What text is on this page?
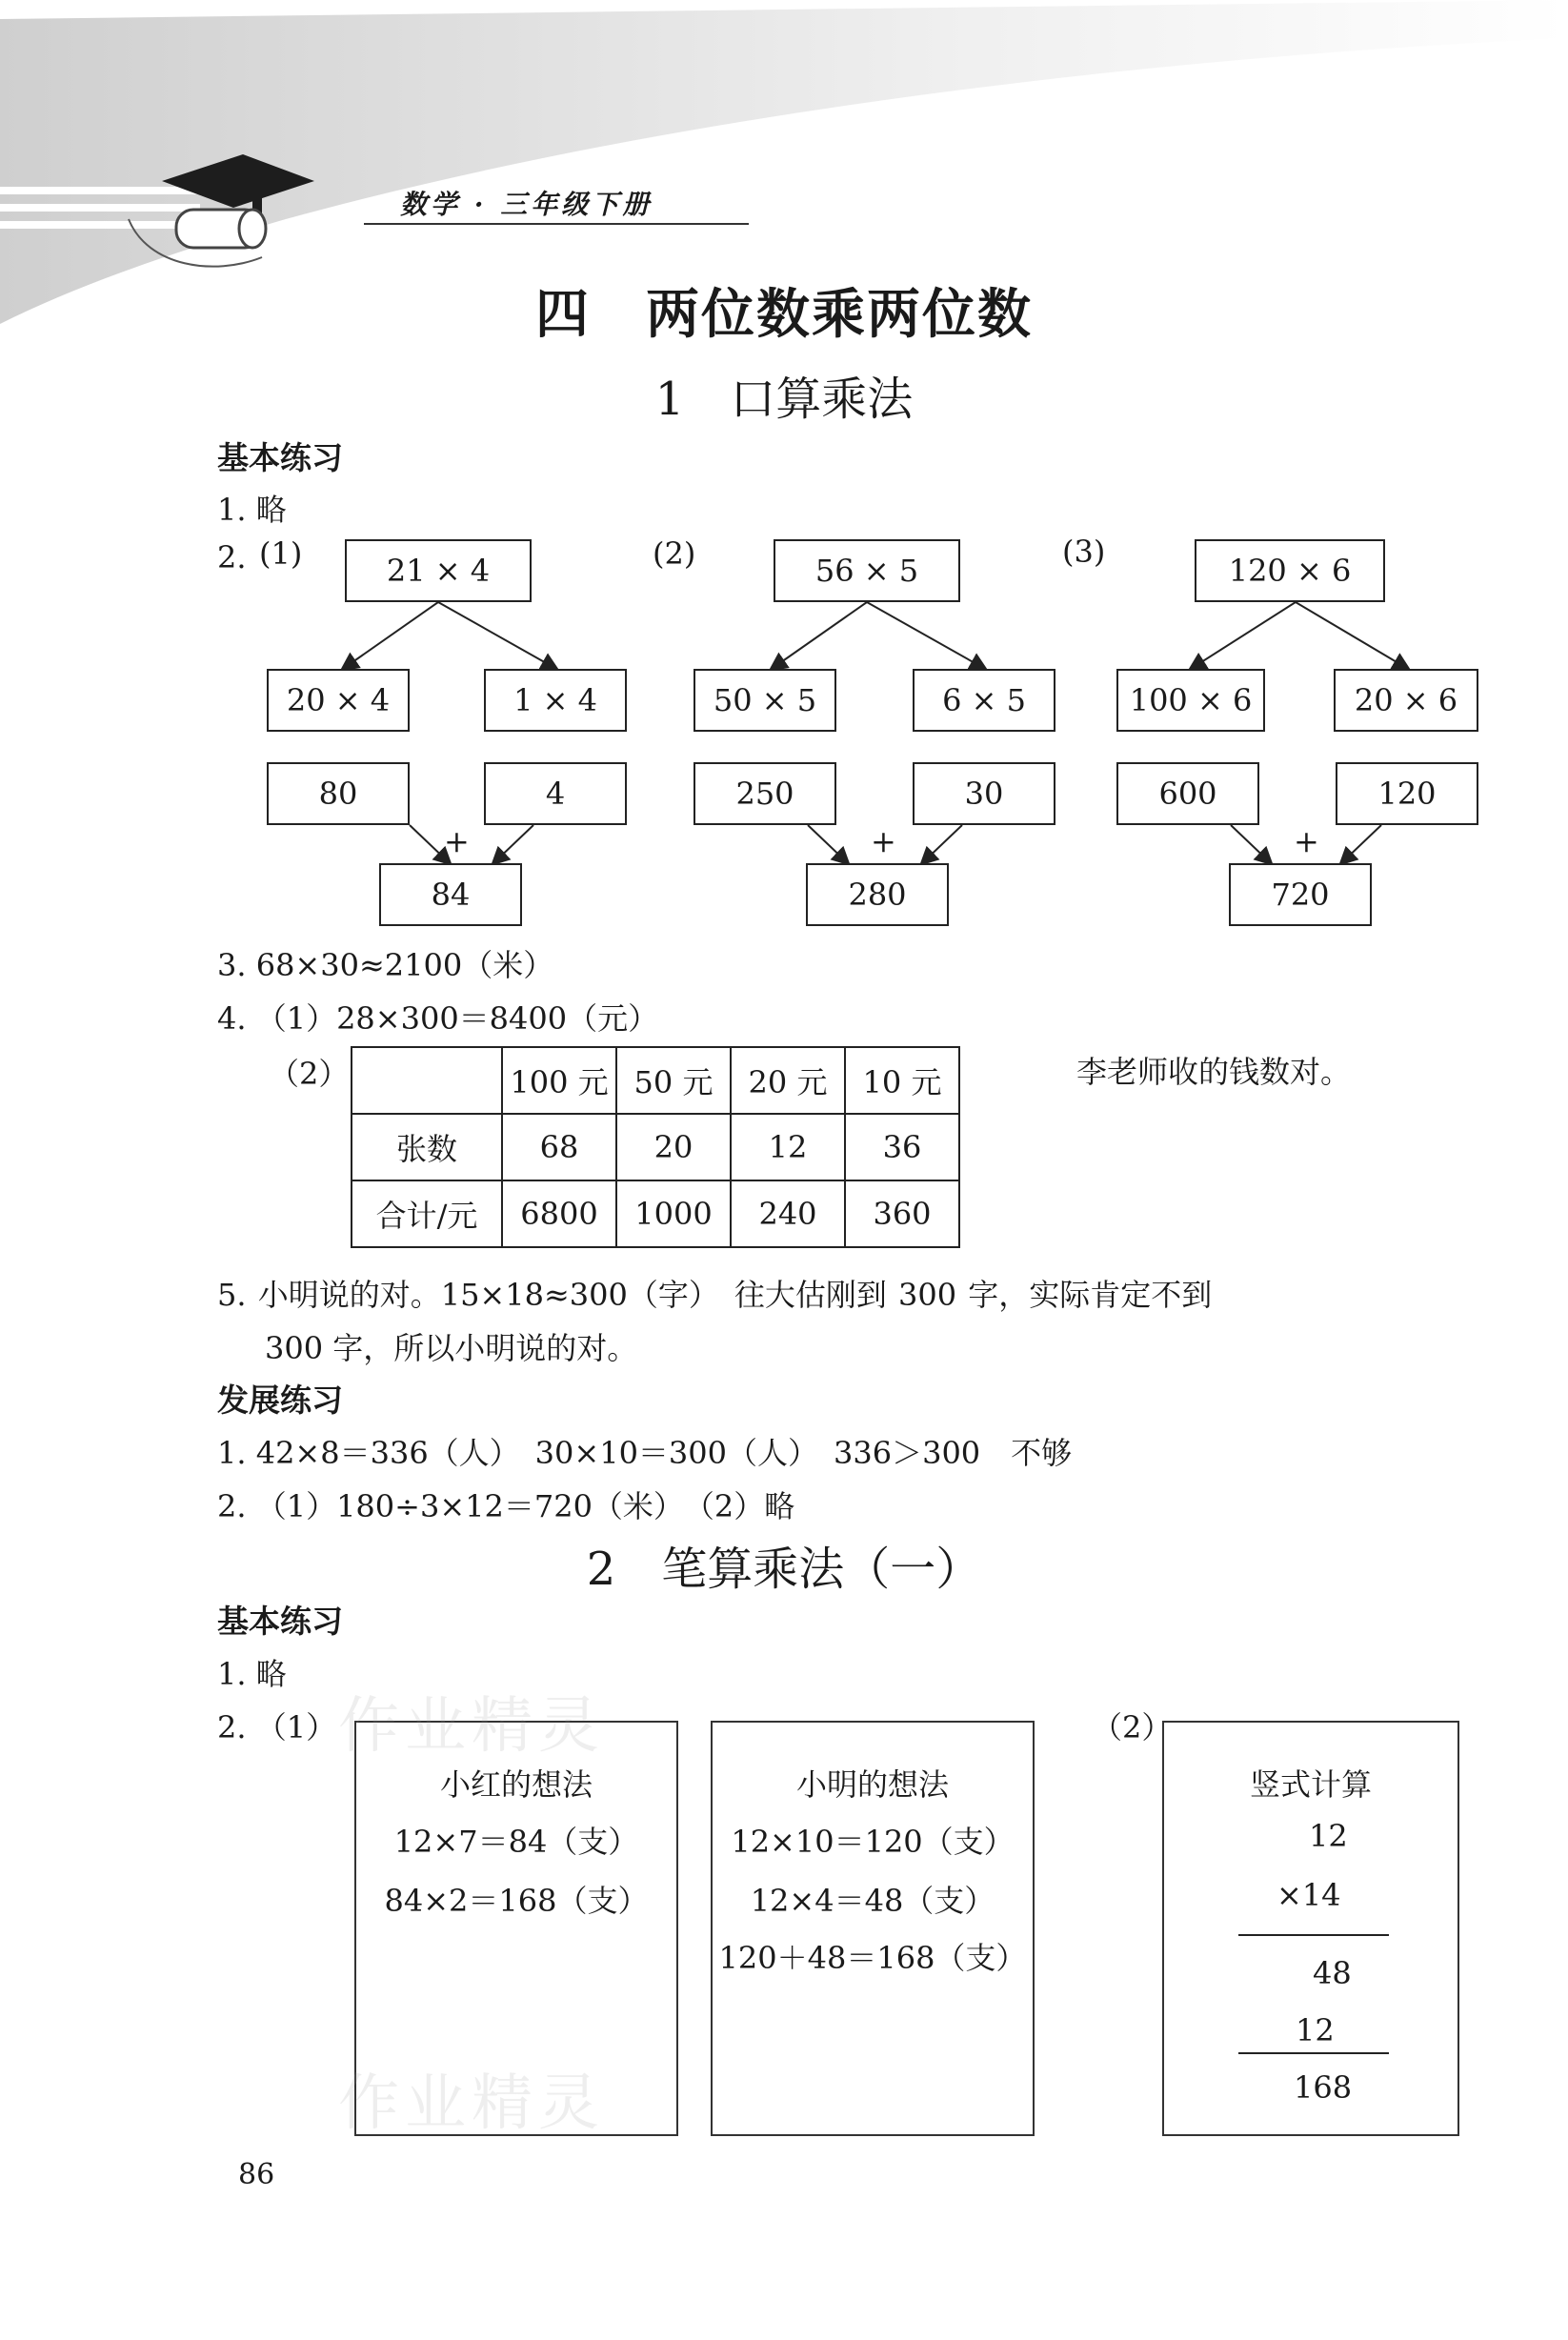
数学 · 三年级下册
四　两位数乘两位数
1　口算乘法
基本练习
1. 略
2. (1)	21 × 4
20 × 4	1 × 4
80	4
+
84
(2)	56 × 5
50 × 5	6 × 5
250	30
+
280
(3)
120 × 6
100 × 6	20 × 6
600	120
+
720
3. 68×30≈2100（米）
4. （1）28×300＝8400（元）
（2）
		100 元	50 元	20 元	10 元
张数	68	20	12	36
合计/元	6800	1000	240	360
李老师收的钱数对。
5. 小明说的对。15×18≈300（字）　往大估刚到 300 字，实际肯定不到
300 字，所以小明说的对。
发展练习
1. 42×8＝336（人）　30×10＝300（人）　336＞300　不够
2. （1）180÷3×12＝720（米）　（2）略
2　笔算乘法（一）
基本练习
1. 略
2. （1）	（2）
小红的想法
12×7＝84（支）
84×2＝168（支）
小明的想法
12×10＝120（支）
12×4＝48（支）
120＋48＝168（支）
竖式计算
12
×14
48
12
168
作业精灵
作业精灵
86
